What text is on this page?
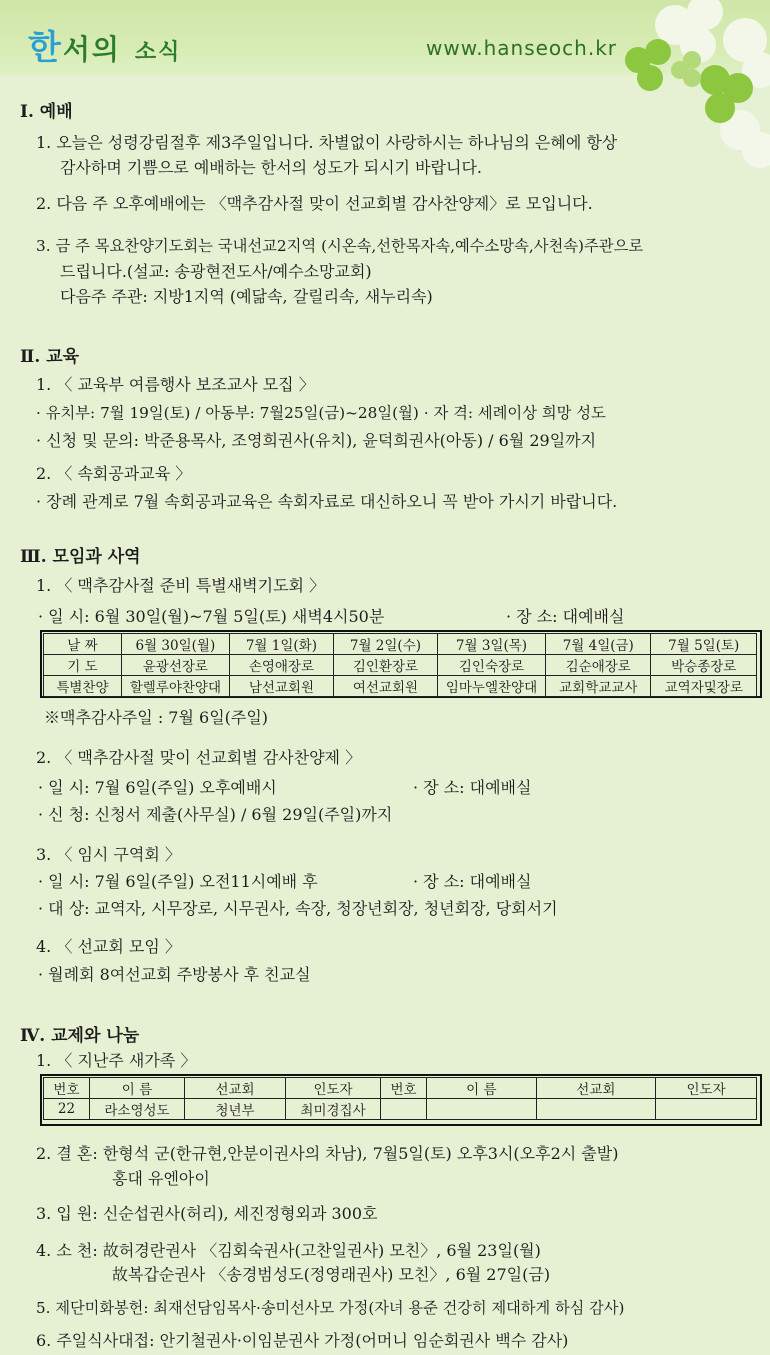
한서의 소식	www.hanseoch.kr
Ⅰ. 예배
1. 오늘은 성령강림절후 제3주일입니다. 차별없이 사랑하시는 하나님의 은혜에 항상
감사하며 기쁨으로 예배하는 한서의 성도가 되시기 바랍니다.
2. 다음 주 오후예배에는 〈맥추감사절 맞이 선교회별 감사찬양제〉로 모입니다.
3. 금 주 목요찬양기도회는 국내선교2지역 (시온속,선한목자속,예수소망속,사천속)주관으로
드립니다.(설교: 송광현전도사/예수소망교회)
다음주 주관: 지방1지역 (예닮속, 갈릴리속, 새누리속)
Ⅱ. 교육
1. 〈 교육부 여름행사 보조교사 모집 〉
· 유치부: 7월 19일(토) / 아동부: 7월25일(금)~28일(월) · 자 격: 세례이상 희망 성도
· 신청 및 문의: 박준용목사, 조영희권사(유치), 윤덕희권사(아동) / 6월 29일까지
2. 〈 속회공과교육 〉
· 장례 관계로 7월 속회공과교육은 속회자료로 대신하오니 꼭 받아 가시기 바랍니다.
Ⅲ. 모임과 사역
1. 〈 맥추감사절 준비 특별새벽기도회 〉
· 일 시: 6월 30일(월)~7월 5일(토) 새벽4시50분	· 장 소: 대예배실
날 짜	6월 30일(월)	7월 1일(화)	7월 2일(수)	7월 3일(목)	7월 4일(금)	7월 5일(토)
기 도	윤광선장로	손영애장로	김인환장로	김인숙장로	김순애장로	박승종장로
특별찬양	할렐루야찬양대	남선교회원	여선교회원	임마누엘찬양대	교회학교교사	교역자및장로
※맥추감사주일 : 7월 6일(주일)
2. 〈 맥추감사절 맞이 선교회별 감사찬양제 〉
· 일 시: 7월 6일(주일) 오후예배시	· 장 소: 대예배실
· 신 청: 신청서 제출(사무실) / 6월 29일(주일)까지
3. 〈 임시 구역회 〉
· 일 시: 7월 6일(주일) 오전11시예배 후	· 장 소: 대예배실
· 대 상: 교역자, 시무장로, 시무권사, 속장, 청장년회장, 청년회장, 당회서기
4. 〈 선교회 모임 〉
· 월례회 8여선교회 주방봉사 후 친교실
Ⅳ. 교제와 나눔
1. 〈 지난주 새가족 〉
번호	이 름	선교회	인도자	번호	이 름	선교회	인도자
22	라소영성도	청년부	최미경집사				
2. 결 혼: 한형석 군(한규현,안분이권사의 차남), 7월5일(토) 오후3시(오후2시 출발)
홍대 유엔아이
3. 입 원: 신순섭권사(허리), 세진정형외과 300호
4. 소 천: 故허경란권사 〈김회숙권사(고찬일권사) 모친〉, 6월 23일(월)
故복갑순권사 〈송경범성도(정영래권사) 모친〉, 6월 27일(금)
5. 제단미화봉헌: 최재선담임목사·송미선사모 가정(자녀 용준 건강히 제대하게 하심 감사)
6. 주일식사대접: 안기철권사·이임분권사 가정(어머니 임순회권사 백수 감사)
